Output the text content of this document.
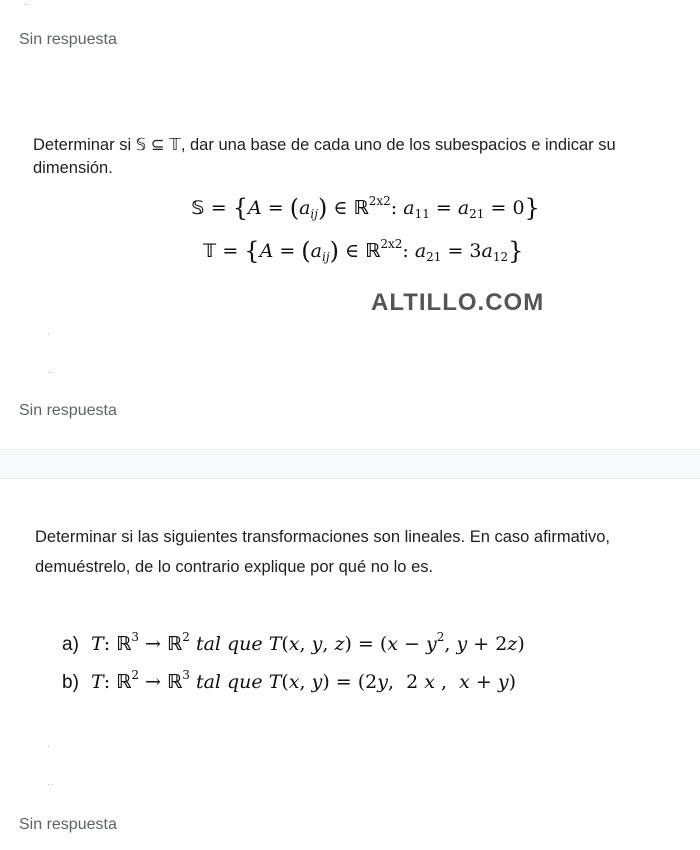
··
Sin respuesta
Determinar si 𝕊 ⊆ 𝕋, dar una base de cada uno de los subespacios e indicar su
dimensión.
𝕊 = {$A = (a_{ij})$ ∈ ℝ$^{2x2}$: $a_{11} = a_{21} = 0$}
𝕋 = {$A = (a_{ij})$ ∈ ℝ$^{2x2}$: $a_{21} = 3a_{12}$}
ALTILLO.COM
·
··
Sin respuesta
Determinar si las siguientes transformaciones son lineales. En caso afirmativo,
demuéstrelo, de lo contrario explique por qué no lo es.
a) T: ℝ$^3$ → ℝ$^2$ tal que T(x, y, $z) = (x - y^2$, y + 2z)
b) T: ℝ$^2$ → ℝ$^3$ tal que T(x, y) = (2y,  2 x ,  x + y)
·
··
Sin respuesta
